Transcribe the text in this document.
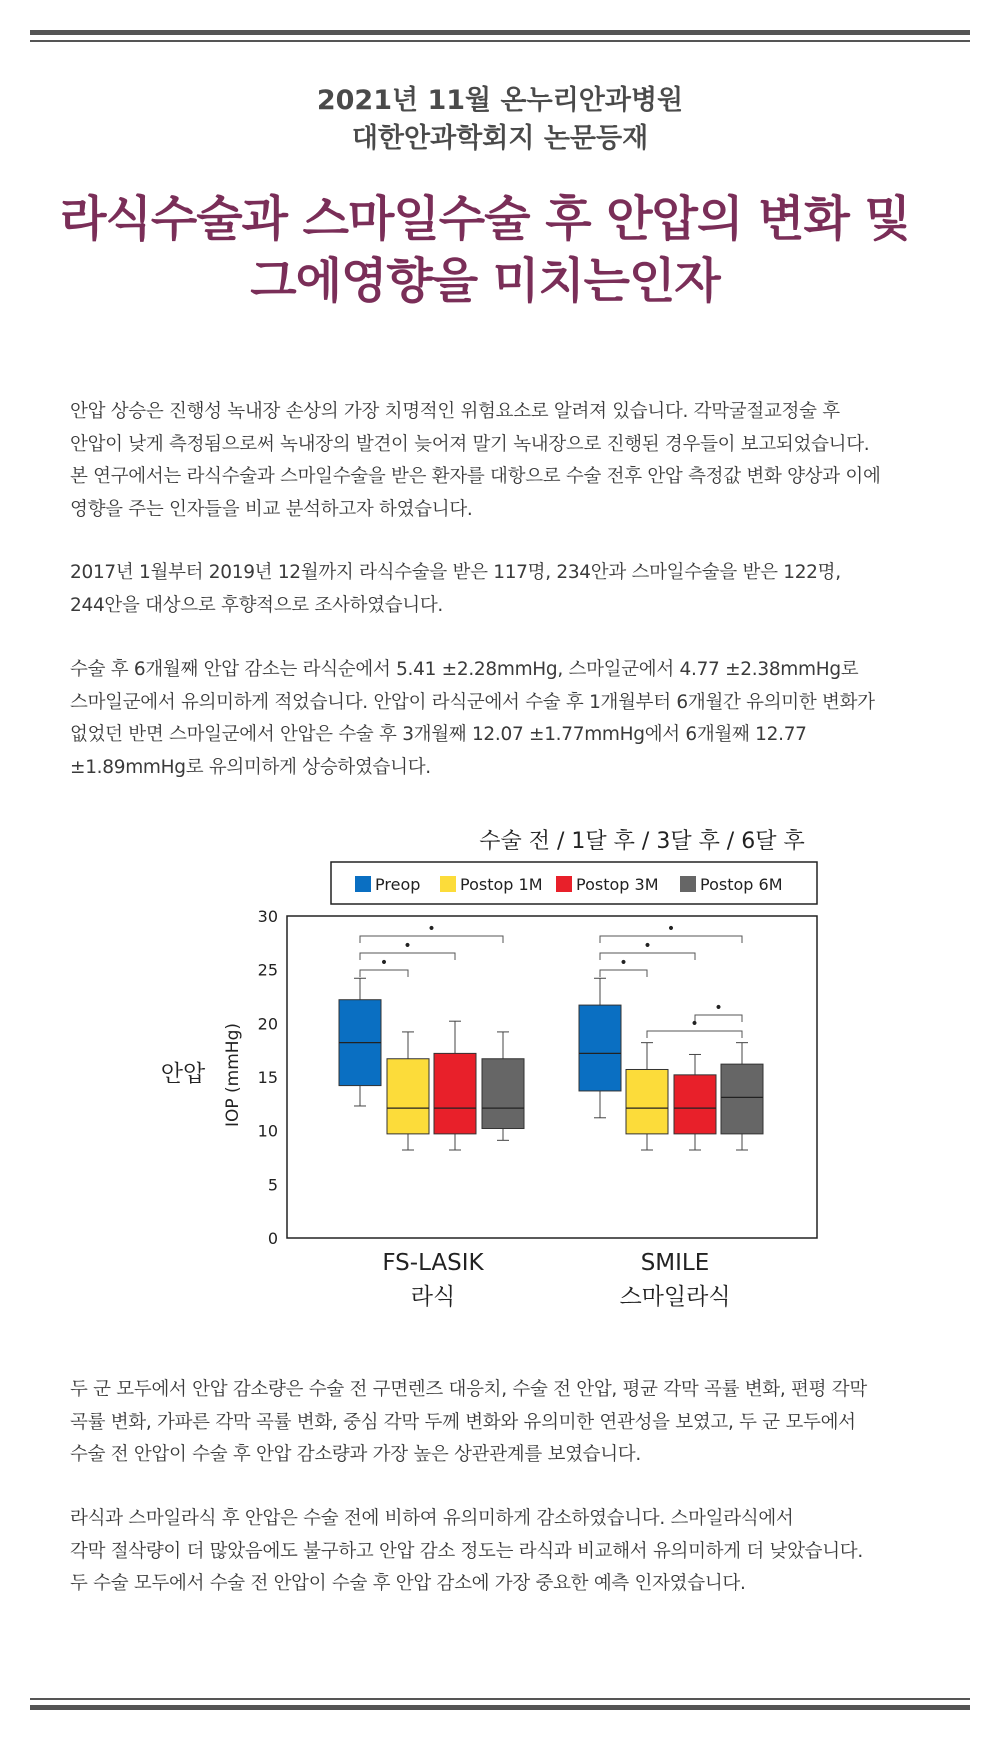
2021년 11월 온누리안과병원
대한안과학회지 논문등재
라식수술과 스마일수술 후 안압의 변화 및
그에영향을 미치는인자

안압 상승은 진행성 녹내장 손상의 가장 치명적인 위험요소로 알려져 있습니다. 각막굴절교정술 후
안압이 낮게 측정됨으로써 녹내장의 발견이 늦어져 말기 녹내장으로 진행된 경우들이 보고되었습니다.
본 연구에서는 라식수술과 스마일수술을 받은 환자를 대항으로 수술 전후 안압 측정값 변화 양상과 이에
영향을 주는 인자들을 비교 분석하고자 하였습니다.

2017년 1월부터 2019년 12월까지 라식수술을 받은 117명, 234안과 스마일수술을 받은 122명,
244안을 대상으로 후향적으로 조사하였습니다.

수술 후 6개월째 안압 감소는 라식순에서 5.41 ±2.28mmHg, 스마일군에서 4.77 ±2.38mmHg로
스마일군에서 유의미하게 적었습니다. 안압이 라식군에서 수술 후 1개월부터 6개월간 유의미한 변화가
없었던 반면 스마일군에서 안압은 수술 후 3개월째 12.07 ±1.77mmHg에서 6개월째 12.77
±1.89mmHg로 유의미하게 상승하였습니다.

수술 전 / 1달 후 / 3달 후 / 6달 후
Preop Postop 1M Postop 3M	Postop 6M
0
5
10
15
20
25
30
IOP (mmHg)
안압
•
•
•
FS-LASIK
라식
•
•
•
•
•
SMILE
스마일라식

두 군 모두에서 안압 감소량은 수술 전 구면렌즈 대응치, 수술 전 안압, 평균 각막 곡률 변화, 편평 각막
곡률 변화, 가파른 각막 곡률 변화, 중심 각막 두께 변화와 유의미한 연관성을 보였고, 두 군 모두에서
수술 전 안압이 수술 후 안압 감소량과 가장 높은 상관관계를 보였습니다.

라식과 스마일라식 후 안압은 수술 전에 비하여 유의미하게 감소하였습니다. 스마일라식에서
각막 절삭량이 더 많았음에도 불구하고 안압 감소 정도는 라식과 비교해서 유의미하게 더 낮았습니다.
두 수술 모두에서 수술 전 안압이 수술 후 안압 감소에 가장 중요한 예측 인자였습니다.
